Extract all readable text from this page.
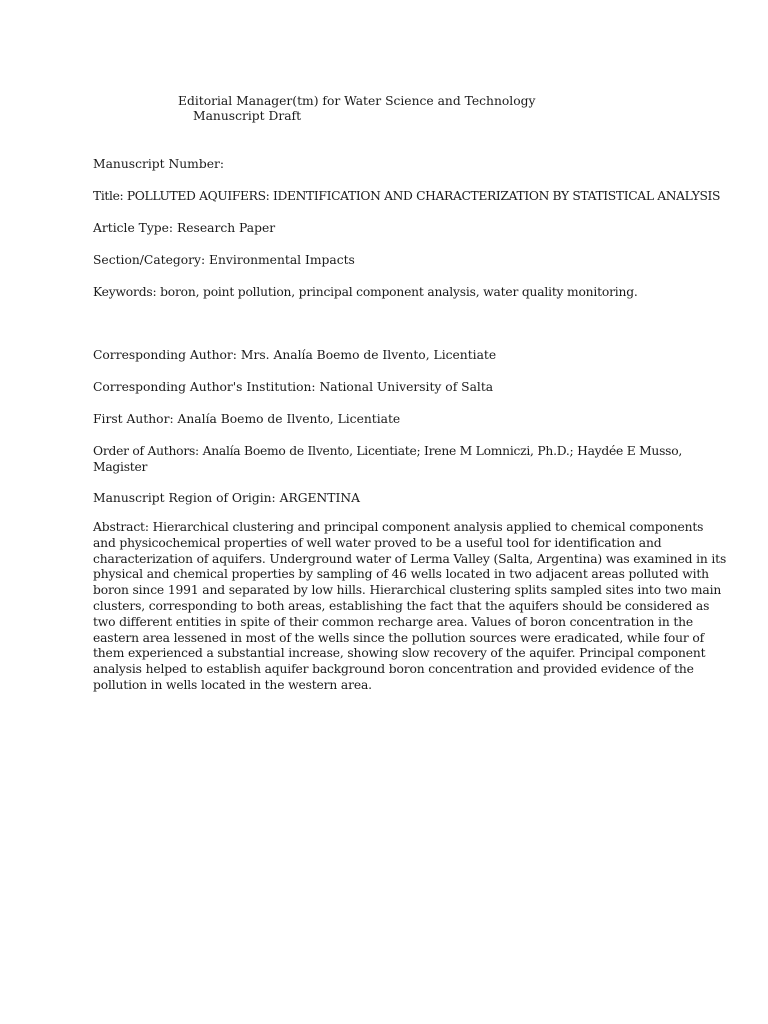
Editorial Manager(tm) for Water Science and Technology
Manuscript Draft
Manuscript Number:
Title: POLLUTED AQUIFERS: IDENTIFICATION AND CHARACTERIZATION BY STATISTICAL ANALYSIS
Article Type: Research Paper
Section/Category: Environmental Impacts
Keywords: boron, point pollution, principal component analysis, water quality monitoring.
Corresponding Author: Mrs. Analía Boemo de Ilvento, Licentiate
Corresponding Author's Institution: National University of Salta
First Author: Analía Boemo de Ilvento, Licentiate
Order of Authors: Analía Boemo de Ilvento, Licentiate; Irene M Lomniczi, Ph.D.; Haydée E Musso,
Magister
Manuscript Region of Origin: ARGENTINA
Abstract: Hierarchical clustering and principal component analysis applied to chemical components
and physicochemical properties of well water proved to be a useful tool for identification and
characterization of aquifers. Underground water of Lerma Valley (Salta, Argentina) was examined in its
physical and chemical properties by sampling of 46 wells located in two adjacent areas polluted with
boron since 1991 and separated by low hills. Hierarchical clustering splits sampled sites into two main
clusters, corresponding to both areas, establishing the fact that the aquifers should be considered as
two different entities in spite of their common recharge area. Values of boron concentration in the
eastern area lessened in most of the wells since the pollution sources were eradicated, while four of
them experienced a substantial increase, showing slow recovery of the aquifer. Principal component
analysis helped to establish aquifer background boron concentration and provided evidence of the
pollution in wells located in the western area.
